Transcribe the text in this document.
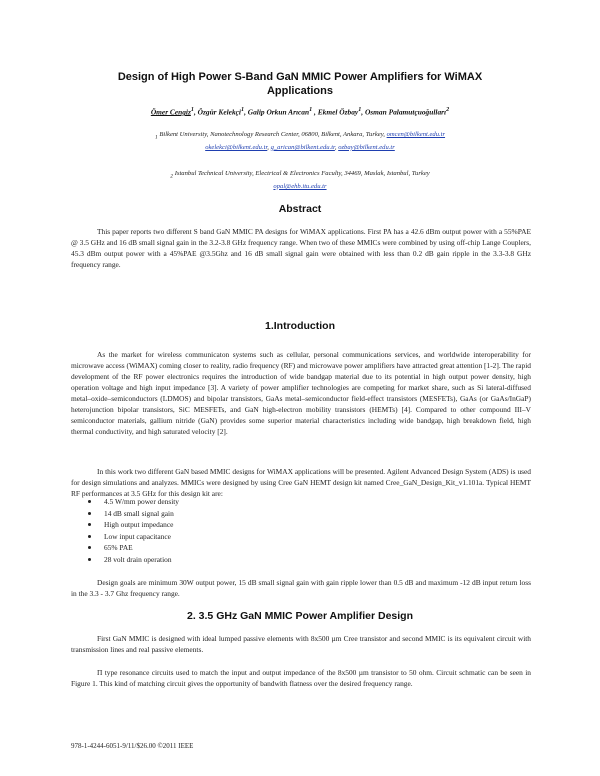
Design of High Power S-Band GaN MMIC Power Amplifiers for WiMAX Applications
Ömer Cengiz$^1$, Özgür Kelekçi$^1$, Galip Orkun Arıcan$^1$ , Ekmel Özbay$^1$, Osman Palamutçuoğulları$^2$
$_1$ Bilkent University, Nanotechnology Research Center, 06800, Bilkent, Ankara, Turkey, omcen@bilkent.edu.tr
okelekci@bilkent.edu.tr, g_arican@bilkent.edu.tr, ozbay@bilkent.edu.tr
$_2$ Istanbul Technical University, Electrical & Electronics Faculty, 34469, Maslak, Istanbul, Turkey
opal@ehb.itu.edu.tr
Abstract

This paper reports two different S band GaN MMIC PA designs for WiMAX applications. First PA has a 42.6 dBm output power with a 55%PAE @ 3.5 GHz and 16 dB small signal gain in the 3.2-3.8 GHz frequency range. When two of these MMICs were combined by using off-chip Lange Couplers, 45.3 dBm output power with a 45%PAE @3.5Ghz and 16 dB small signal gain were obtained with less than 0.2 dB gain ripple in the 3.3-3.8 GHz frequency range.

1.Introduction

As the market for wireless communicaton systems such as cellular, personal communications services, and worldwide interoperability for microwave access (WiMAX) coming closer to reality, radio frequency (RF) and microwave power amplifiers have attracted great attention [1-2]. The rapid development of the RF power electronics requires the introduction of wide bandgap material due to its potential in high output power density, high operation voltage and high input impedance [3]. A variety of power amplifier technologies are competing for market share, such as Si lateral-diffused metal–oxide–semiconductors (LDMOS) and bipolar transistors, GaAs metal–semiconductor field-effect transistors (MESFETs), GaAs (or GaAs/InGaP) heterojunction bipolar transistors, SiC MESFETs, and GaN high-electron mobility transistors (HEMTs) [4]. Compared to other compound III–V semiconductor materials, gallium nitride (GaN) provides some superior material characteristics including wide bandgap, high breakdown field, high thermal conductivity, and high saturated velocity [2].

In this work two different GaN based MMIC designs for WiMAX applications will be presented. Agilent Advanced Design System (ADS) is used for design simulations and analyzes. MMICs were designed by using Cree GaN HEMT design kit named Cree_GaN_Design_Kit_v1.101a. Typical HEMT RF performances at 3.5 GHz for this design kit are:

4.5 W/mm power density
14 dB small signal gain
High output impedance
Low input capacitance
65% PAE
28 volt drain operation

Design goals are minimum 30W output power, 15 dB small signal gain with gain ripple lower than 0.5 dB and maximum -12 dB input return loss in the 3.3 - 3.7 Ghz frequency range.

2. 3.5 GHz GaN MMIC Power Amplifier Design

First GaN MMIC is designed with ideal lumped passive elements with 8x500 µm Cree transistor and second MMIC is its equivalent circuit with transmission lines and real passive elements.

Π type resonance circuits used to match the input and output impedance of the 8x500 µm transistor to 50 ohm. Circuit schmatic can be seen in Figure 1. This kind of matching circuit gives the opportunity of bandwith flatness over the desired frequency range.

978-1-4244-6051-9/11/$26.00 ©2011 IEEE
